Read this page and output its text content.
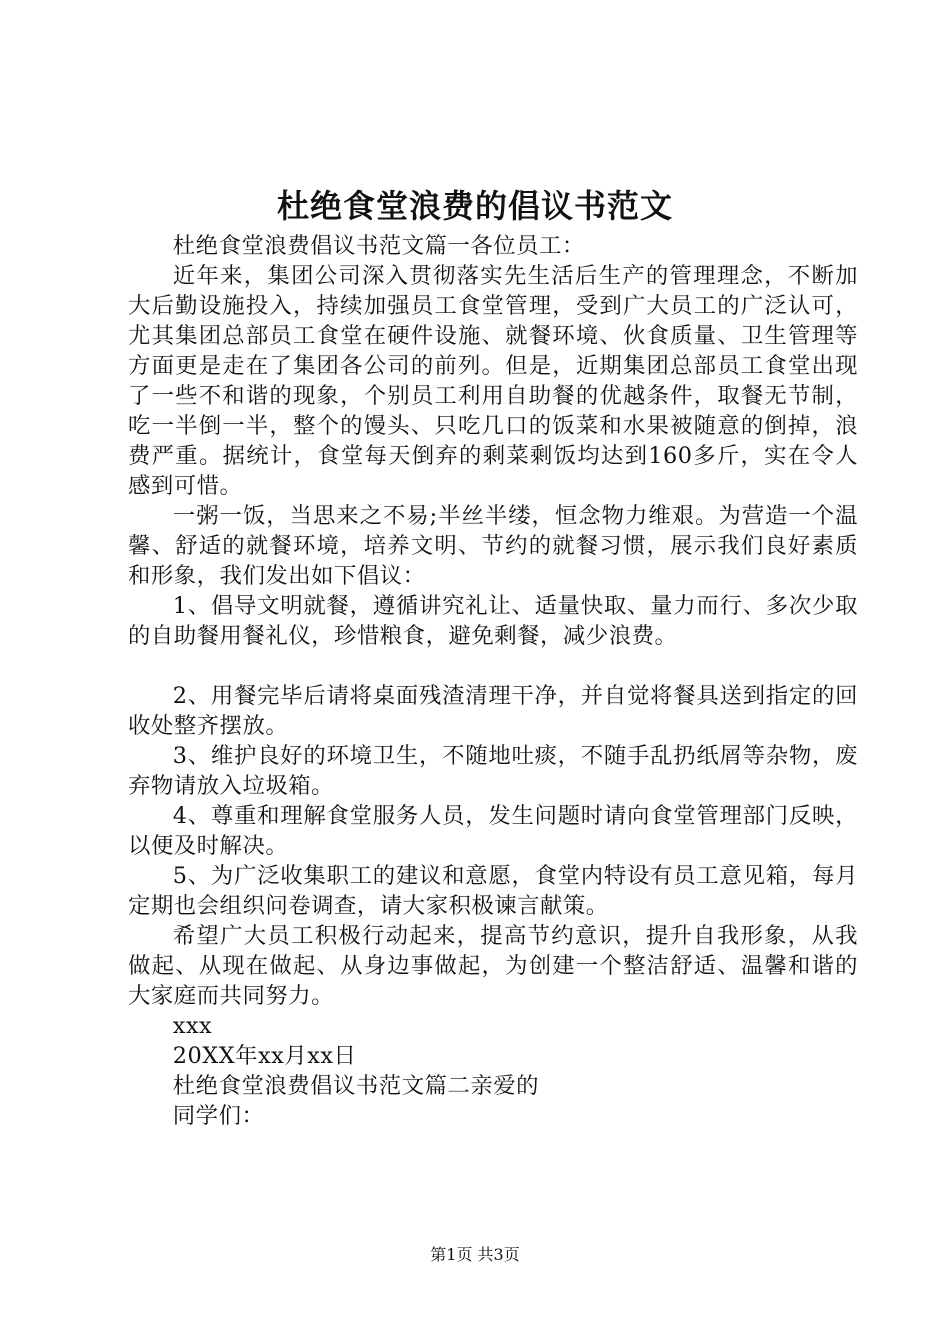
杜绝食堂浪费的倡议书范文

杜绝食堂浪费倡议书范文篇一各位员工：

近年来，集团公司深入贯彻落实先生活后生产的管理理念，不断加大后勤设施投入，持续加强员工食堂管理，受到广大员工的广泛认可，尤其集团总部员工食堂在硬件设施、就餐环境、伙食质量、卫生管理等方面更是走在了集团各公司的前列。但是，近期集团总部员工食堂出现了一些不和谐的现象，个别员工利用自助餐的优越条件，取餐无节制，吃一半倒一半，整个的馒头、只吃几口的饭菜和水果被随意的倒掉，浪费严重。据统计，食堂每天倒弃的剩菜剩饭均达到160多斤，实在令人感到可惜。

一粥一饭，当思来之不易;半丝半缕，恒念物力维艰。为营造一个温馨、舒适的就餐环境，培养文明、节约的就餐习惯，展示我们良好素质和形象，我们发出如下倡议：

1、倡导文明就餐，遵循讲究礼让、适量快取、量力而行、多次少取的自助餐用餐礼仪，珍惜粮食，避免剩餐，减少浪费。

2、用餐完毕后请将桌面残渣清理干净，并自觉将餐具送到指定的回收处整齐摆放。

3、维护良好的环境卫生，不随地吐痰，不随手乱扔纸屑等杂物，废弃物请放入垃圾箱。

4、尊重和理解食堂服务人员，发生问题时请向食堂管理部门反映，以便及时解决。

5、为广泛收集职工的建议和意愿，食堂内特设有员工意见箱，每月定期也会组织问卷调查，请大家积极谏言献策。

希望广大员工积极行动起来，提高节约意识，提升自我形象，从我做起、从现在做起、从身边事做起，为创建一个整洁舒适、温馨和谐的大家庭而共同努力。

xxx

20XX年xx月xx日

杜绝食堂浪费倡议书范文篇二亲爱的

同学们：

第1页 共3页
